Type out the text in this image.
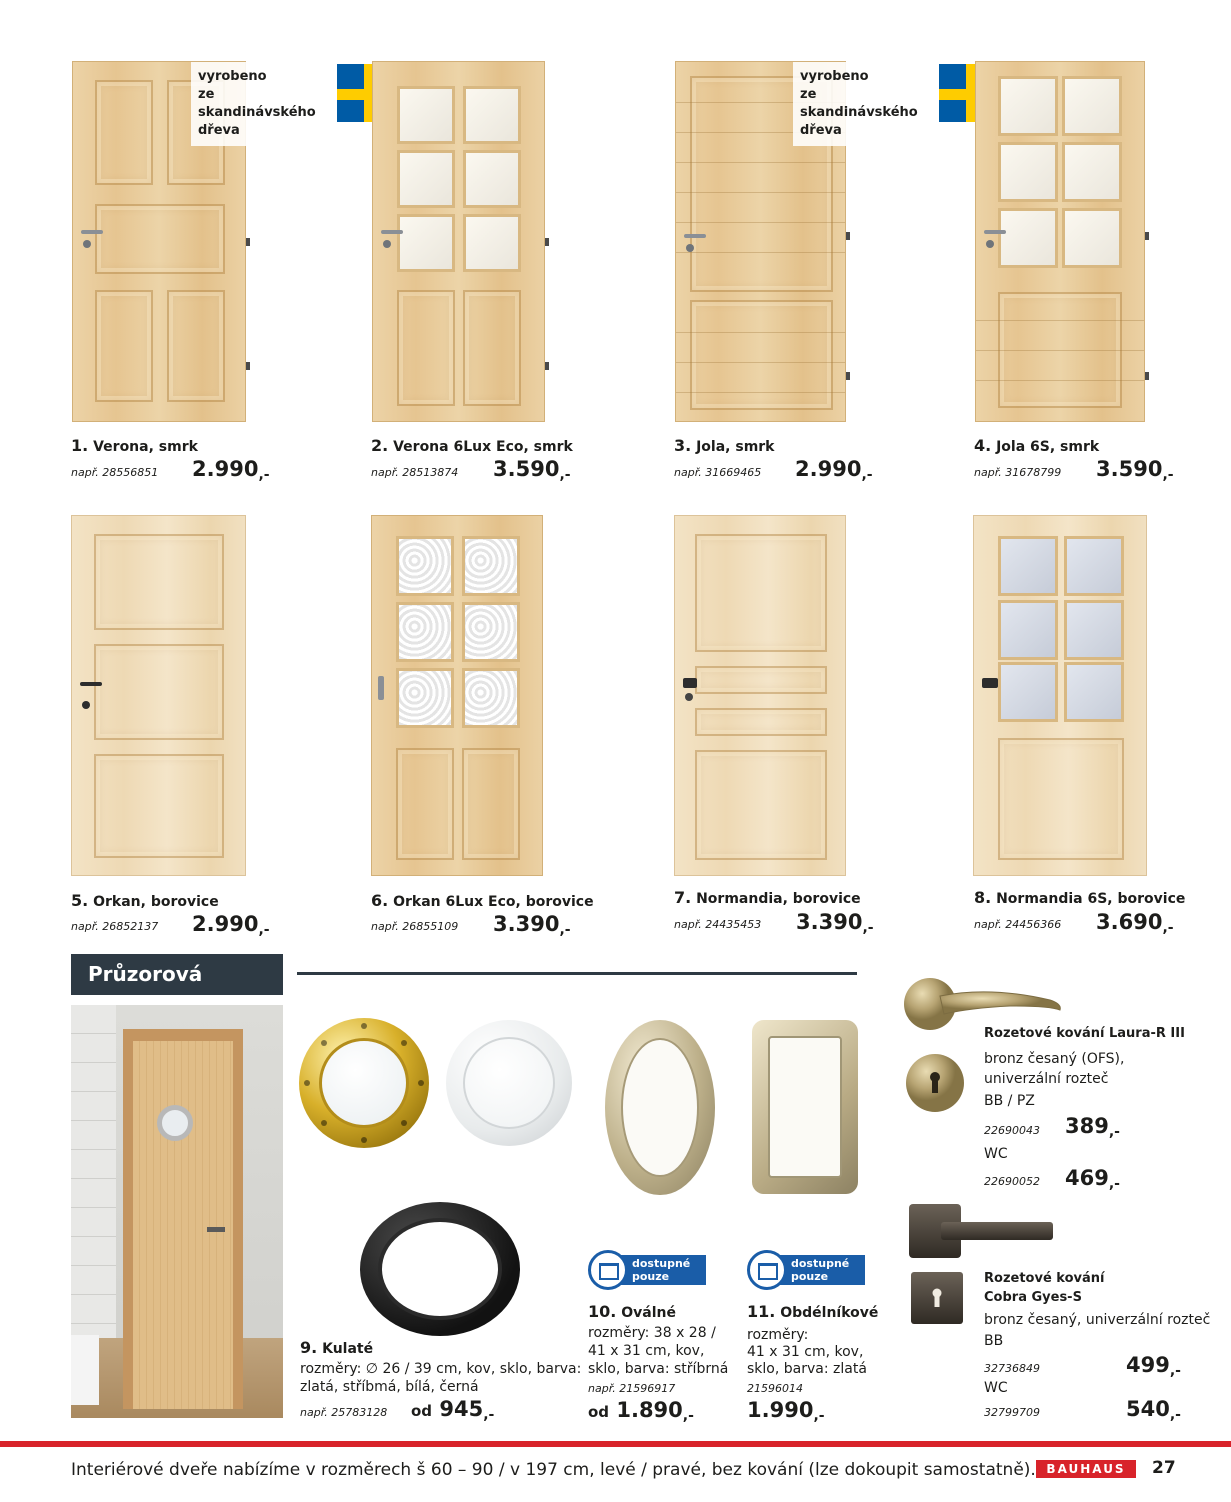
vyrobeno
ze skandinávského
dřeva
vyrobeno
ze skandinávského
dřeva
1. Verona, smrk
např. 28556851 2.990,-
2. Verona 6Lux Eco, smrk
např. 28513874 3.590,-
3. Jola, smrk
např. 31669465 2.990,-
4. Jola 6S, smrk
např. 31678799 3.590,-
5. Orkan, borovice
např. 26852137 2.990,-
6. Orkan 6Lux Eco, borovice
např. 26855109 3.390,-
7. Normandia, borovice
např. 24435453 3.390,-
8. Normandia 6S, borovice
např. 24456366 3.690,-
Průzorová
dostupné
pouze online
dostupné
pouze online
9. Kulaté
rozměry: ∅ 26 / 39 cm, kov, sklo, barva:
zlatá, stříbmá, bílá, černá
např. 25783128 od 945,-
10. Oválné
rozměry: 38 x 28 /
41 x 31 cm, kov,
sklo, barva: stříbrná
např. 21596917
od 1.890,-
11. Obdélníkové
rozměry:
41 x 31 cm, kov,
sklo, barva: zlatá
21596014
1.990,-
Rozetové kování Laura-R III
bronz česaný (OFS),
univerzální rozteč
BB / PZ
22690043 389,-
WC
22690052 469,-
Rozetové kování
Cobra Gyes-S
bronz česaný, univerzální rozteč
BB
32736849	499,-
WC
32799709	540,-
Interiérové dveře nabízíme v rozměrech š 60 – 90 / v 197 cm, levé / pravé, bez kování (lze dokoupit samostatně). BAUHAUS	27
